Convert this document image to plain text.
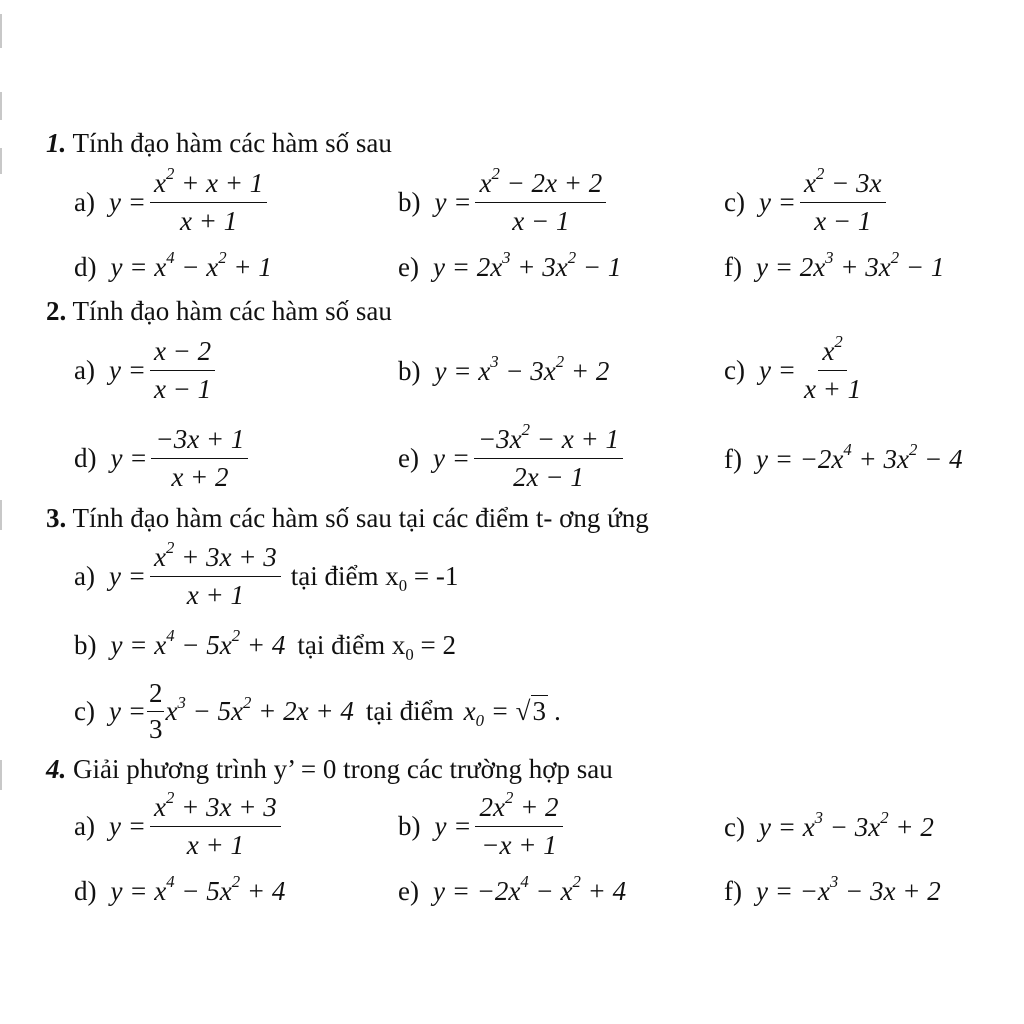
1. Tính đạo hàm các hàm số sau
a) $y = \frac{x^2 + x + 1}{x + 1}$	b) $y = \frac{x^2 - 2x + 2}{x - 1}$	c) $y = \frac{x^2 - 3x}{x - 1}$
d) $y = x^4 - x^2 + 1$	e) $y = 2x^3 + 3x^2 - 1$	f) $y = 2x^3 + 3x^2 - 1$
2. Tính đạo hàm các hàm số sau
a) $y = \frac{x - 2}{x - 1}$	b) $y = x^3 - 3x^2 + 2$	c) $y = \frac{x^2}{x + 1}$
d) $y = \frac{-3x + 1}{x + 2}$	e) $y = \frac{-3x^2 - x + 1}{2x - 1}$	f) $y = -2x^4 + 3x^2 - 4$
3. Tính đạo hàm các hàm số sau tại các điểm t- ơng ứng
a) $y = \frac{x^2 + 3x + 3}{x + 1}$ tại điểm $x_0 = -1$
b) $y = x^4 - 5x^2 + 4$ tại điểm $x_0 = 2$
c) $y = \frac{2}{3} x^3 - 5x^2 + 2x + 4$ tại điểm $x_0 = √3$ .
4. Giải phương trình y’ = 0 trong các trường hợp sau
a) $y = \frac{x^2 + 3x + 3}{x + 1}$	b) $y = \frac{2x^2 + 2}{-x + 1}$	c) $y = x^3 - 3x^2 + 2$
d) $y = x^4 - 5x^2 + 4$	e) $y = -2x^4 - x^2 + 4$	f) $y = -x^3 - 3x + 2$
